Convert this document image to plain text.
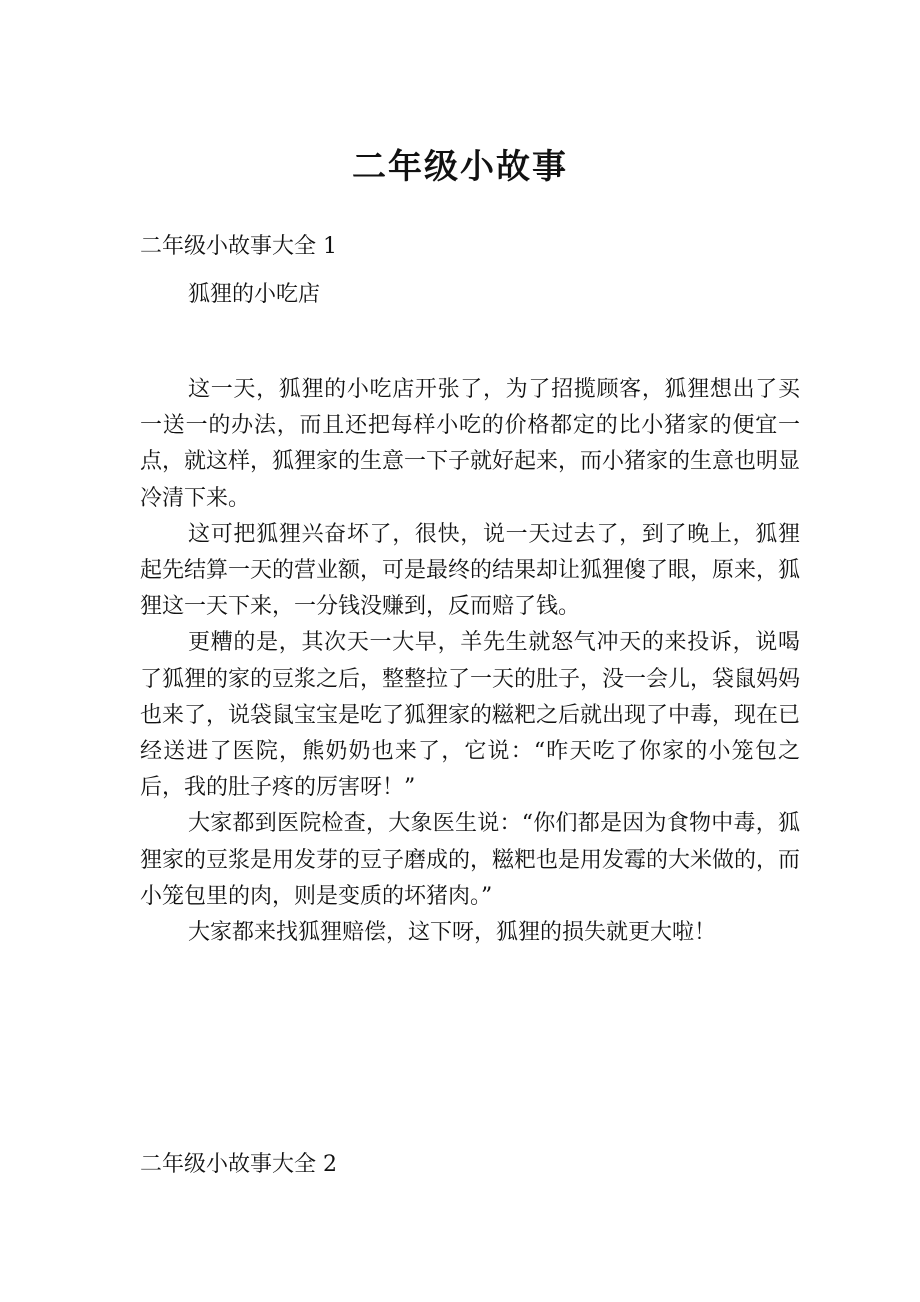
二年级小故事
二年级小故事大全 1
狐狸的小吃店

这一天，狐狸的小吃店开张了，为了招揽顾客，狐狸想出了买一送一的办法，而且还把每样小吃的价格都定的比小猪家的便宜一点，就这样，狐狸家的生意一下子就好起来，而小猪家的生意也明显冷清下来。

这可把狐狸兴奋坏了，很快，说一天过去了，到了晚上，狐狸起先结算一天的营业额，可是最终的结果却让狐狸傻了眼，原来，狐狸这一天下来，一分钱没赚到，反而赔了钱。

更糟的是，其次天一大早，羊先生就怒气冲天的来投诉，说喝了狐狸的家的豆浆之后，整整拉了一天的肚子，没一会儿，袋鼠妈妈也来了，说袋鼠宝宝是吃了狐狸家的糍粑之后就出现了中毒，现在已经送进了医院，熊奶奶也来了，它说：“昨天吃了你家的小笼包之后，我的肚子疼的厉害呀！”

大家都到医院检查，大象医生说：“你们都是因为食物中毒，狐狸家的豆浆是用发芽的豆子磨成的，糍粑也是用发霉的大米做的，而小笼包里的肉，则是变质的坏猪肉。”

大家都来找狐狸赔偿，这下呀，狐狸的损失就更大啦！

二年级小故事大全 2
